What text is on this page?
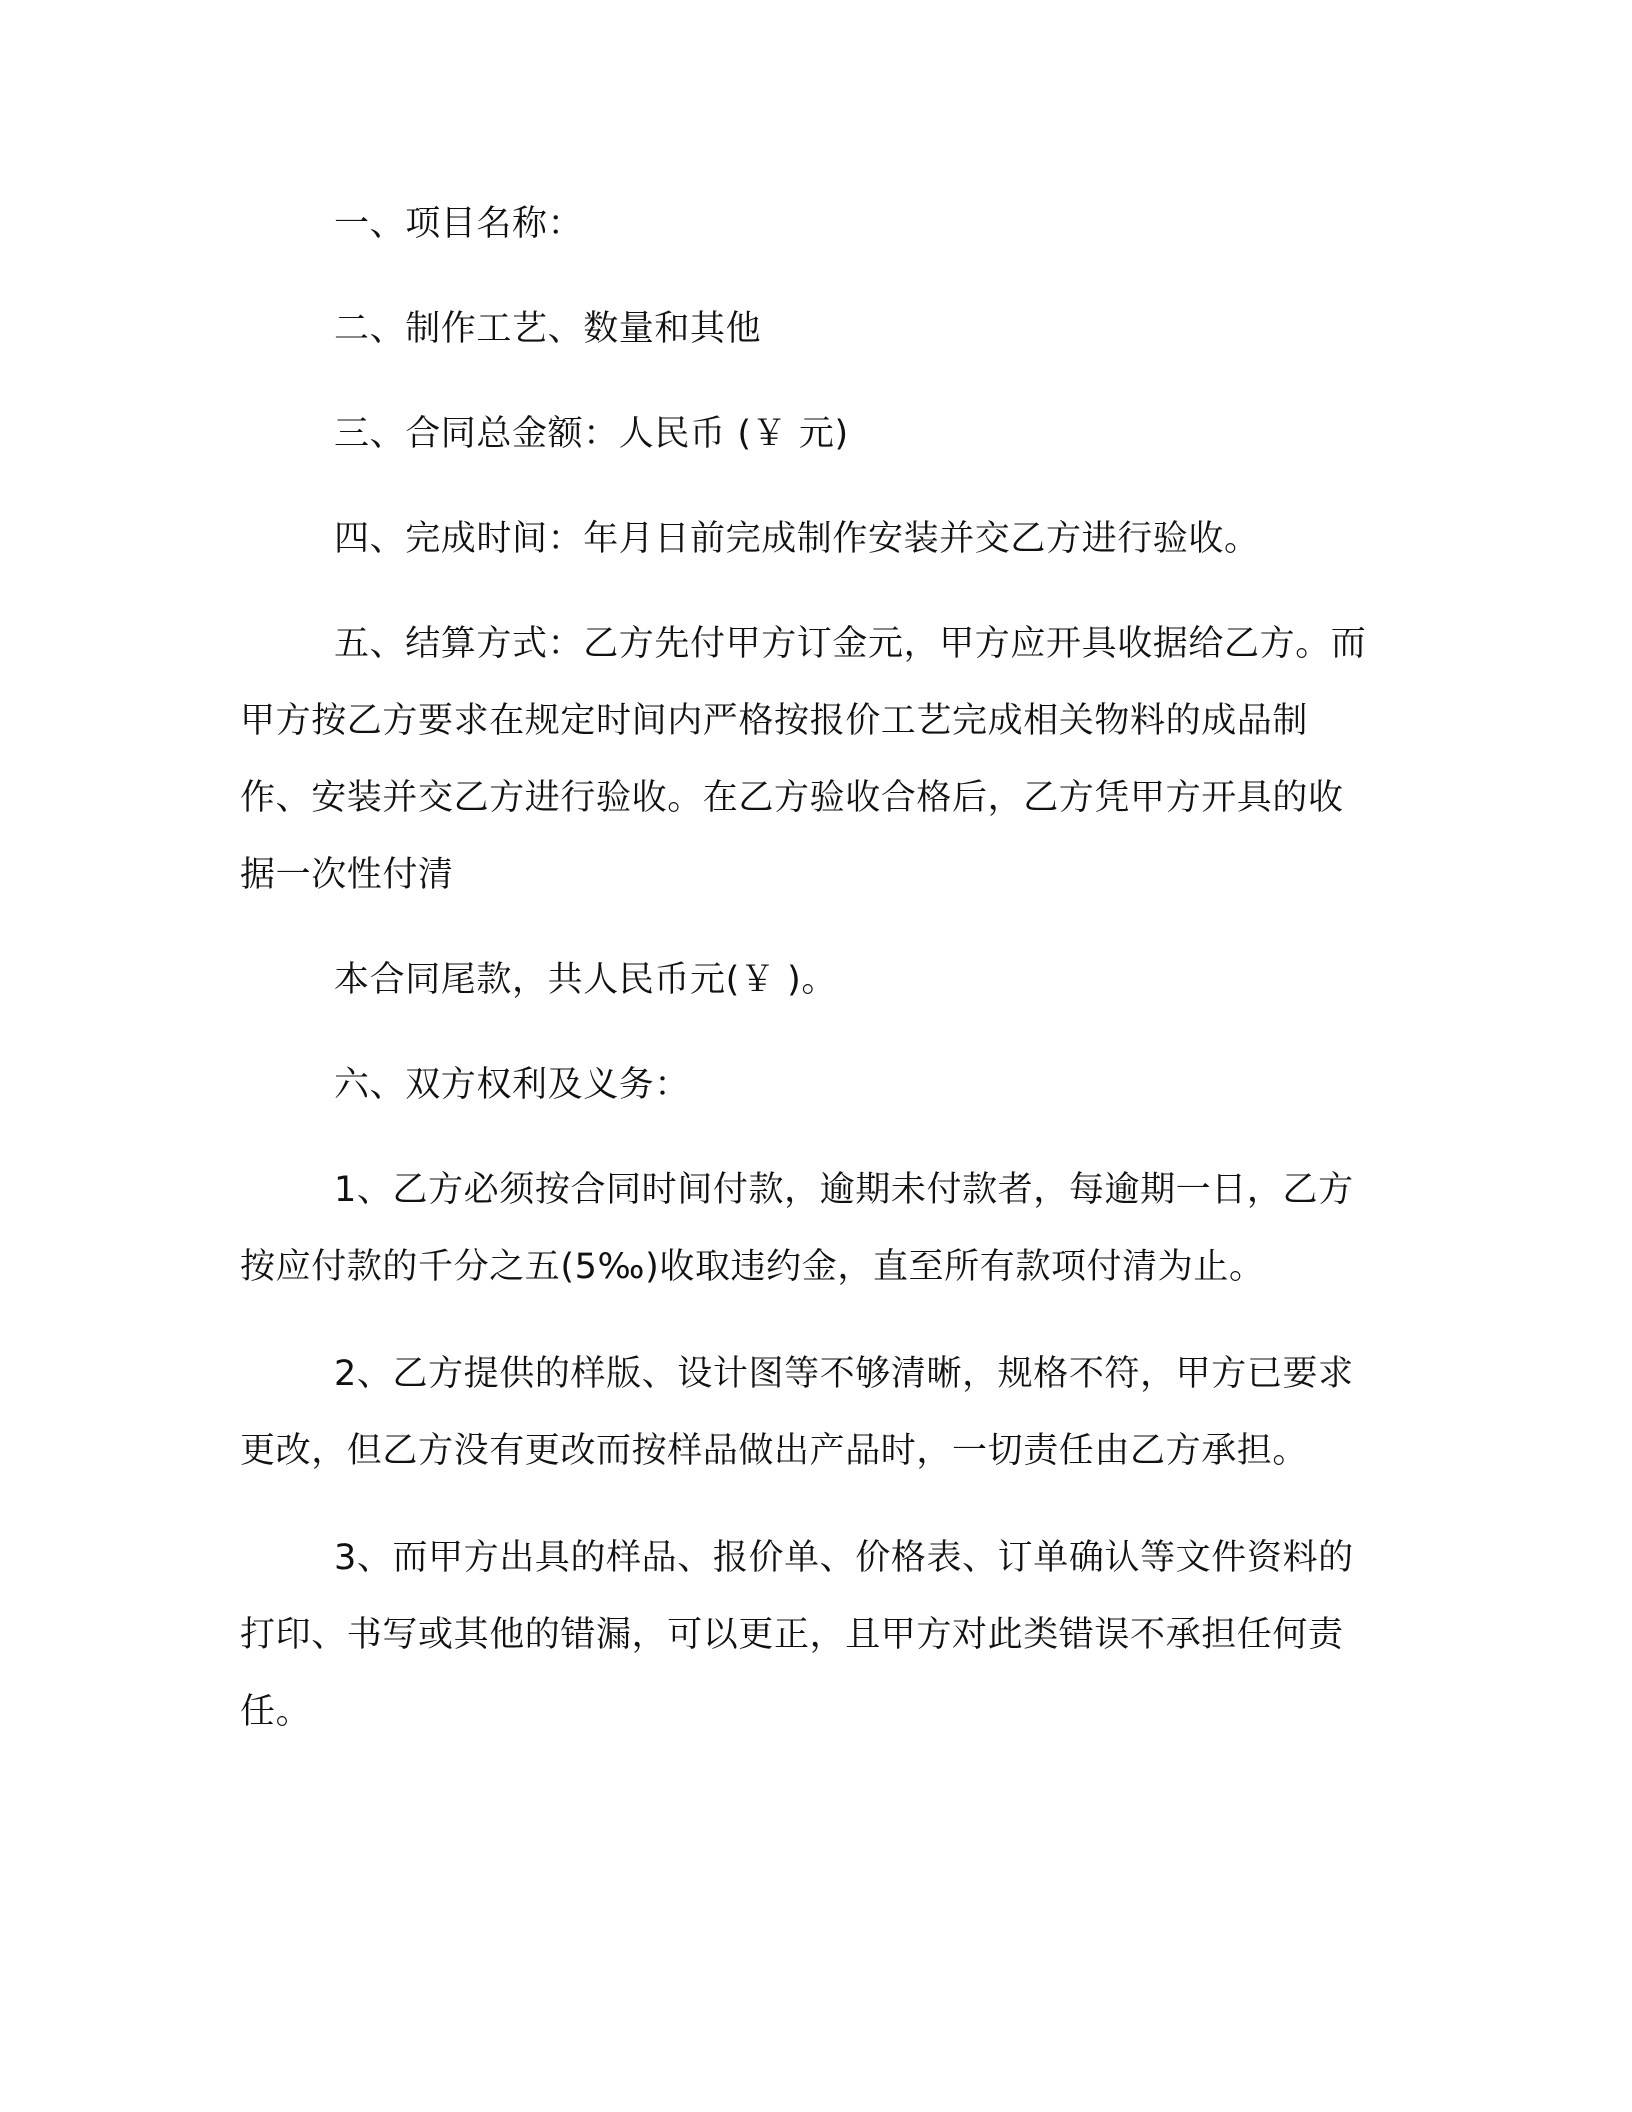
一、项目名称：

二、制作工艺、数量和其他

三、合同总金额：人民币 (￥ 元)

四、完成时间：年月日前完成制作安装并交乙方进行验收。

五、结算方式：乙方先付甲方订金元，甲方应开具收据给乙方。而甲方按乙方要求在规定时间内严格按报价工艺完成相关物料的成品制作、安装并交乙方进行验收。在乙方验收合格后，乙方凭甲方开具的收据一次性付清

本合同尾款，共人民币元(￥ )。

六、双方权利及义务：

1、乙方必须按合同时间付款，逾期未付款者，每逾期一日，乙方按应付款的千分之五(5‰)收取违约金，直至所有款项付清为止。

2、乙方提供的样版、设计图等不够清晰，规格不符，甲方已要求更改，但乙方没有更改而按样品做出产品时，一切责任由乙方承担。

3、而甲方出具的样品、报价单、价格表、订单确认等文件资料的打印、书写或其他的错漏，可以更正，且甲方对此类错误不承担任何责任。
